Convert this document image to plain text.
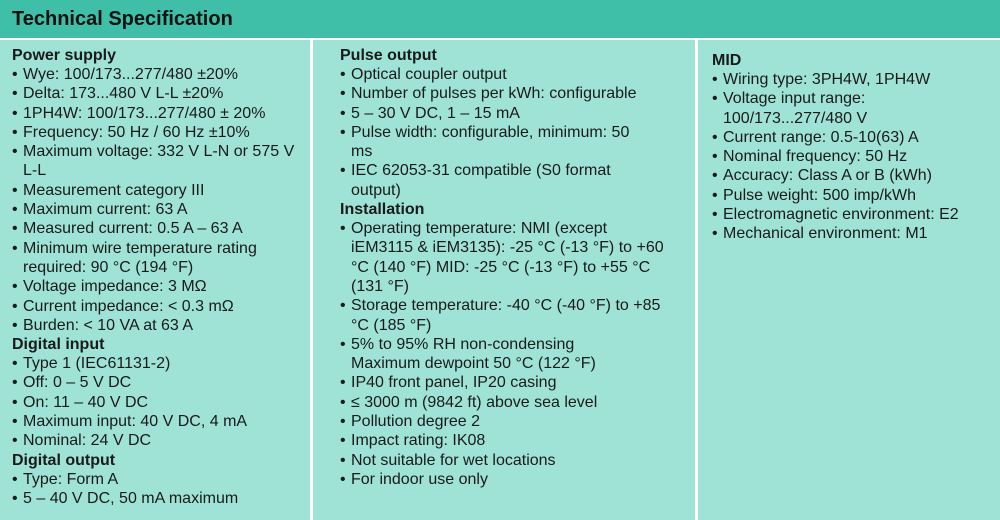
Technical Specification
Power supply
• Wye: 100/173...277/480 ±20%
• Delta: 173...480 V L-L ±20%
• 1PH4W: 100/173...277/480 ± 20%
• Frequency: 50 Hz / 60 Hz ±10%
• Maximum voltage: 332 V L-N or 575 V L-L
• Measurement category III
• Maximum current: 63 A
• Measured current: 0.5 A – 63 A
• Minimum wire temperature rating required: 90 °C (194 °F)
• Voltage impedance: 3 MΩ
• Current impedance: < 0.3 mΩ
• Burden: < 10 VA at 63 A
Digital input
• Type 1 (IEC61131-2)
• Off: 0 – 5 V DC
• On: 11 – 40 V DC
• Maximum input: 40 V DC, 4 mA
• Nominal: 24 V DC
Digital output
• Type: Form A
• 5 – 40 V DC, 50 mA maximum
Pulse output
• Optical coupler output
• Number of pulses per kWh: configurable
• 5 – 30 V DC, 1 – 15 mA
• Pulse width: configurable, minimum: 50 ms
• IEC 62053-31 compatible (S0 format output)
Installation
• Operating temperature: NMI (except iEM3115 & iEM3135): -25 °C (-13 °F) to +60 °C (140 °F) MID: -25 °C (-13 °F) to +55 °C (131 °F)
• Storage temperature: -40 °C (-40 °F) to +85 °C (185 °F)
• 5% to 95% RH non-condensing Maximum dewpoint 50 °C (122 °F)
• IP40 front panel, IP20 casing
• ≤ 3000 m (9842 ft) above sea level
• Pollution degree 2
• Impact rating: IK08
• Not suitable for wet locations
• For indoor use only
MID
• Wiring type: 3PH4W, 1PH4W
• Voltage input range: 100/173...277/480 V
• Current range: 0.5-10(63) A
• Nominal frequency: 50 Hz
• Accuracy: Class A or B (kWh)
• Pulse weight: 500 imp/kWh
• Electromagnetic environment: E2
• Mechanical environment: M1
